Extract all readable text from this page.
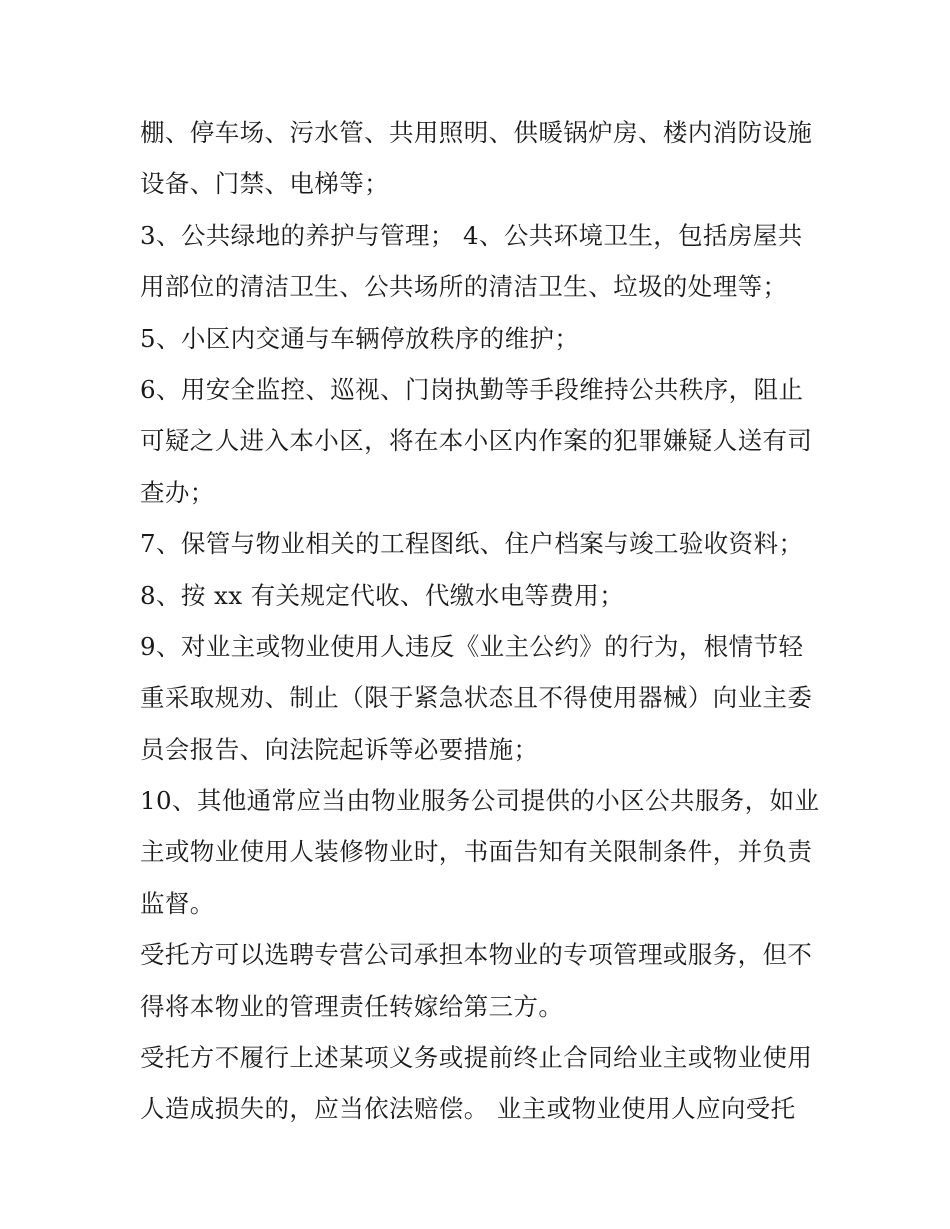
棚、停车场、污水管、共用照明、供暖锅炉房、楼内消防设施
设备、门禁、电梯等；
3、公共绿地的养护与管理； 4、公共环境卫生，包括房屋共
用部位的清洁卫生、公共场所的清洁卫生、垃圾的处理等；
5、小区内交通与车辆停放秩序的维护；
6、用安全监控、巡视、门岗执勤等手段维持公共秩序，阻止
可疑之人进入本小区，将在本小区内作案的犯罪嫌疑人送有司
查办；
7、保管与物业相关的工程图纸、住户档案与竣工验收资料；
8、按 xx 有关规定代收、代缴水电等费用；
9、对业主或物业使用人违反《业主公约》的行为，根情节轻
重采取规劝、制止（限于紧急状态且不得使用器械）向业主委
员会报告、向法院起诉等必要措施；
10、其他通常应当由物业服务公司提供的小区公共服务，如业
主或物业使用人装修物业时，书面告知有关限制条件，并负责
监督。
受托方可以选聘专营公司承担本物业的专项管理或服务，但不
得将本物业的管理责任转嫁给第三方。
受托方不履行上述某项义务或提前终止合同给业主或物业使用
人造成损失的，应当依法赔偿。 业主或物业使用人应向受托
